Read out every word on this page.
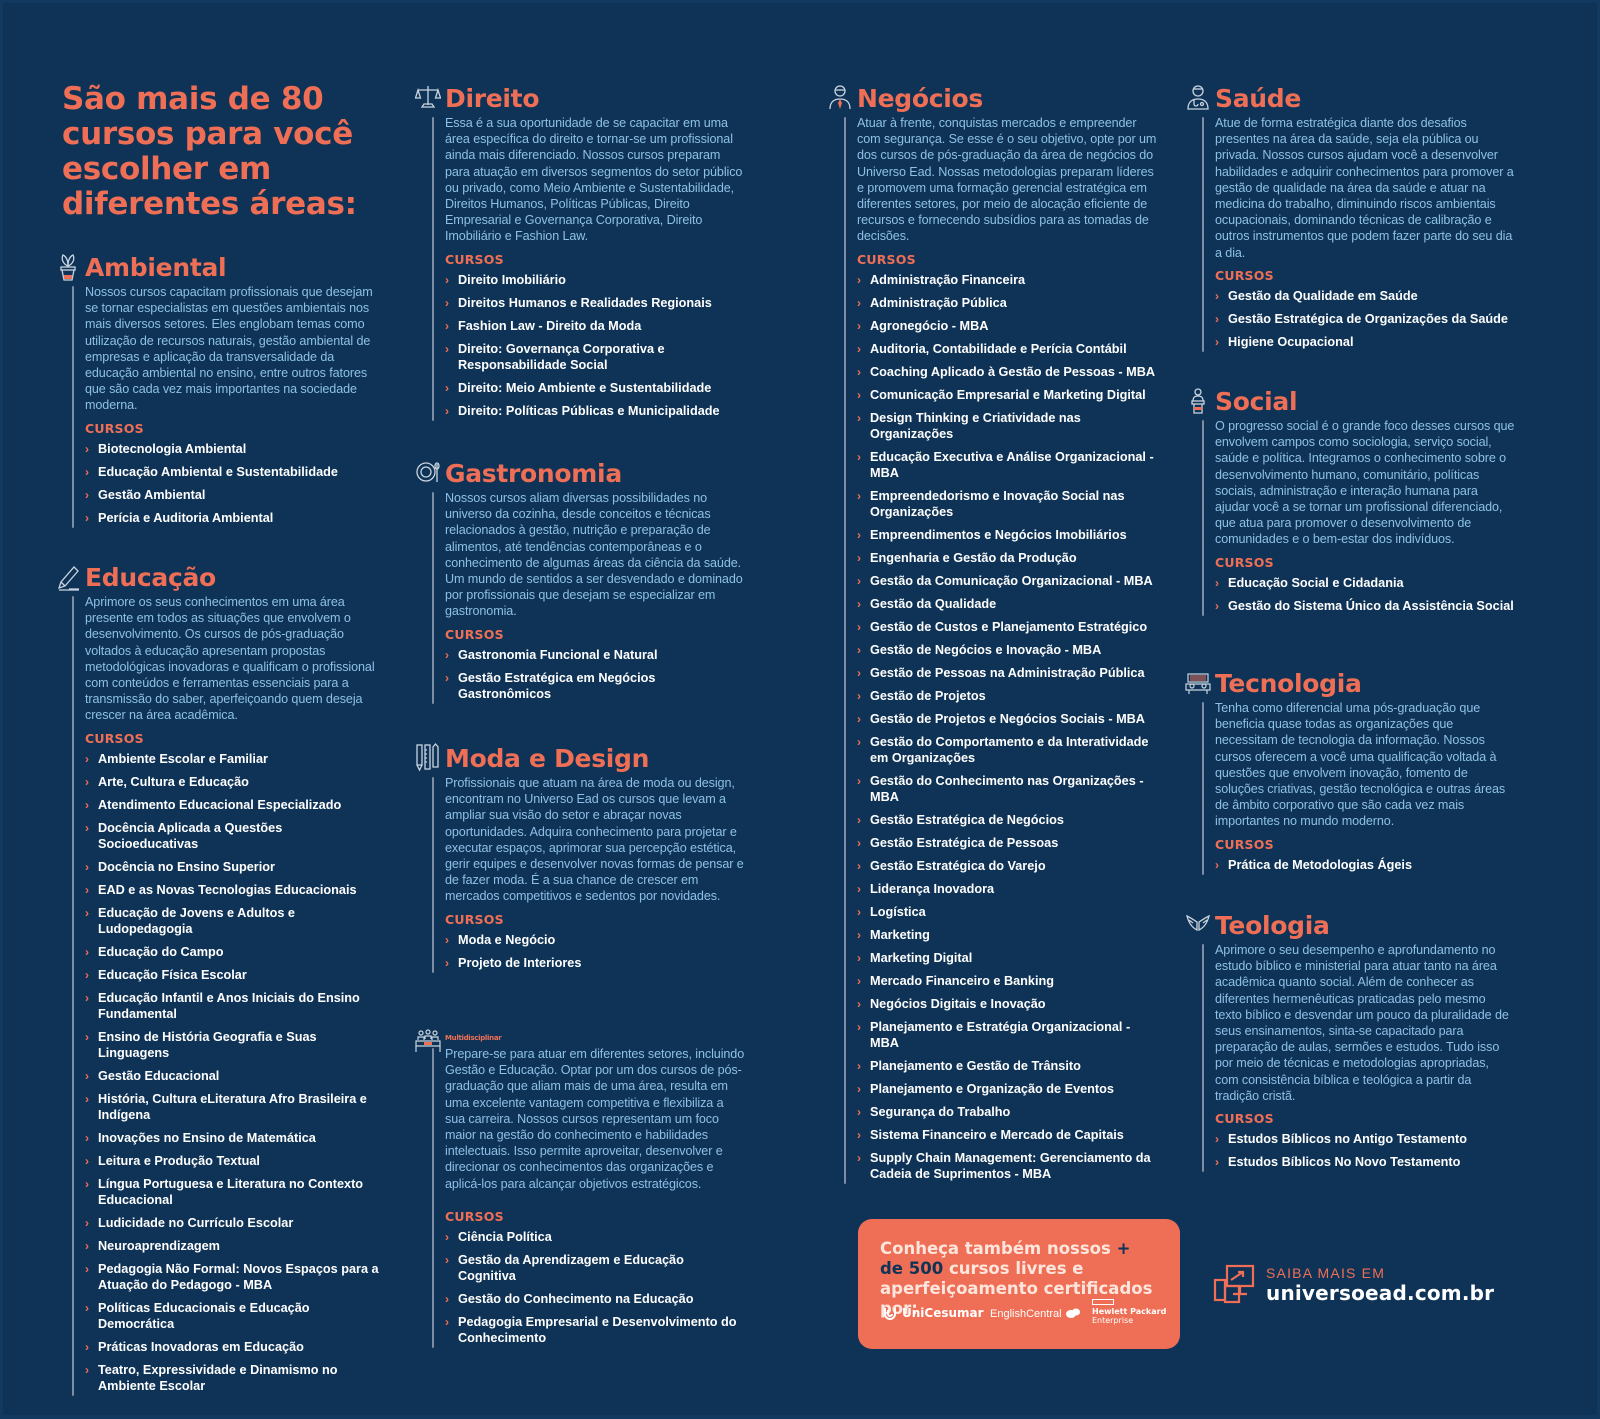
São mais de 80 cursos para você escolher em diferentes áreas:
Ambiental

Nossos cursos capacitam profissionais que desejam se tornar especialistas em questões ambientais nos mais diversos setores. Eles englobam temas como utilização de recursos naturais, gestão ambiental de empresas e aplicação da transversalidade da educação ambiental no ensino, entre outros fatores que são cada vez mais importantes na sociedade moderna.

CURSOS
› Biotecnologia Ambiental
› Educação Ambiental e Sustentabilidade
› Gestão Ambiental
› Perícia e Auditoria Ambiental
Educação

Aprimore os seus conhecimentos em uma área presente em todos as situações que envolvem o desenvolvimento. Os cursos de pós-graduação voltados à educação apresentam propostas metodológicas inovadoras e qualificam o profissional com conteúdos e ferramentas essenciais para a transmissão do saber, aperfeiçoando quem deseja crescer na área acadêmica.

CURSOS
› Ambiente Escolar e Familiar
› Arte, Cultura e Educação
› Atendimento Educacional Especializado
› Docência Aplicada a Questões Socioeducativas
› Docência no Ensino Superior
› EAD e as Novas Tecnologias Educacionais
› Educação de Jovens e Adultos e Ludopedagogia
› Educação do Campo
› Educação Física Escolar
› Educação Infantil e Anos Iniciais do Ensino Fundamental
› Ensino de História Geografia e Suas Linguagens
› Gestão Educacional
› História, Cultura eLiteratura Afro Brasileira e Indígena
› Inovações no Ensino de Matemática
› Leitura e Produção Textual
› Língua Portuguesa e Literatura no Contexto Educacional
› Ludicidade no Currículo Escolar
› Neuroaprendizagem
› Pedagogia Não Formal: Novos Espaços para a Atuação do Pedagogo - MBA
› Políticas Educacionais e Educação Democrática
› Práticas Inovadoras em Educação
› Teatro, Expressividade e Dinamismo no Ambiente Escolar
Direito

Essa é a sua oportunidade de se capacitar em uma área específica do direito e tornar-se um profissional ainda mais diferenciado. Nossos cursos preparam para atuação em diversos segmentos do setor público ou privado, como Meio Ambiente e Sustentabilidade, Direitos Humanos, Políticas Públicas, Direito Empresarial e Governança Corporativa, Direito Imobiliário e Fashion Law.

CURSOS
› Direito Imobiliário
› Direitos Humanos e Realidades Regionais
› Fashion Law - Direito da Moda
› Direito: Governança Corporativa e Responsabilidade Social
› Direito: Meio Ambiente e Sustentabilidade
› Direito: Políticas Públicas e Municipalidade
Gastronomia

Nossos cursos aliam diversas possibilidades no universo da cozinha, desde conceitos e técnicas relacionados à gestão, nutrição e preparação de alimentos, até tendências contemporâneas e o conhecimento de algumas áreas da ciência da saúde. Um mundo de sentidos a ser desvendado e dominado por profissionais que desejam se especializar em gastronomia.

CURSOS
› Gastronomia Funcional e Natural
› Gestão Estratégica em Negócios Gastronômicos
Moda e Design

Profissionais que atuam na área de moda ou design, encontram no Universo Ead os cursos que levam a ampliar sua visão do setor e abraçar novas oportunidades. Adquira conhecimento para projetar e executar espaços, aprimorar sua percepção estética, gerir equipes e desenvolver novas formas de pensar e de fazer moda. É a sua chance de crescer em mercados competitivos e sedentos por novidades.

CURSOS
› Moda e Negócio
› Projeto de Interiores
Multidisciplinar

Prepare-se para atuar em diferentes setores, incluindo Gestão e Educação. Optar por um dos cursos de pós-graduação que aliam mais de uma área, resulta em uma excelente vantagem competitiva e flexibiliza a sua carreira. Nossos cursos representam um foco maior na gestão do conhecimento e habilidades intelectuais. Isso permite aproveitar, desenvolver e direcionar os conhecimentos das organizações e aplicá-los para alcançar objetivos estratégicos.

CURSOS
› Ciência Política
› Gestão da Aprendizagem e Educação Cognitiva
› Gestão do Conhecimento na Educação
› Pedagogia Empresarial e Desenvolvimento do Conhecimento
Negócios

Atuar à frente, conquistas mercados e empreender com segurança. Se esse é o seu objetivo, opte por um dos cursos de pós-graduação da área de negócios do Universo Ead. Nossas metodologias preparam líderes e promovem uma formação gerencial estratégica em diferentes setores, por meio de alocação eficiente de recursos e fornecendo subsídios para as tomadas de decisões.

CURSOS
› Administração Financeira
› Administração Pública
› Agronegócio - MBA
› Auditoria, Contabilidade e Perícia Contábil
› Coaching Aplicado à Gestão de Pessoas - MBA
› Comunicação Empresarial e Marketing Digital
› Design Thinking e Criatividade nas Organizações
› Educação Executiva e Análise Organizacional - MBA
› Empreendedorismo e Inovação Social nas Organizações
› Empreendimentos e Negócios Imobiliários
› Engenharia e Gestão da Produção
› Gestão da Comunicação Organizacional - MBA
› Gestão da Qualidade
› Gestão de Custos e Planejamento Estratégico
› Gestão de Negócios e Inovação - MBA
› Gestão de Pessoas na Administração Pública
› Gestão de Projetos
› Gestão de Projetos e Negócios Sociais - MBA
› Gestão do Comportamento e da Interatividade em Organizações
› Gestão do Conhecimento nas Organizações - MBA
› Gestão Estratégica de Negócios
› Gestão Estratégica de Pessoas
› Gestão Estratégica do Varejo
› Liderança Inovadora
› Logística
› Marketing
› Marketing Digital
› Mercado Financeiro e Banking
› Negócios Digitais e Inovação
› Planejamento e Estratégia Organizacional - MBA
› Planejamento e Gestão de Trânsito
› Planejamento e Organização de Eventos
› Segurança do Trabalho
› Sistema Financeiro e Mercado de Capitais
› Supply Chain Management: Gerenciamento da Cadeia de Suprimentos - MBA

Conheça também nossos + de 500 cursos livres e aperfeiçoamento certificados por:

UniCesumar EnglishCentral	Hewlett Packard
Enterprise
Saúde

Atue de forma estratégica diante dos desafios presentes na área da saúde, seja ela pública ou privada. Nossos cursos ajudam você a desenvolver habilidades e adquirir conhecimentos para promover a gestão de qualidade na área da saúde e atuar na medicina do trabalho, diminuindo riscos ambientais ocupacionais, dominando técnicas de calibração e outros instrumentos que podem fazer parte do seu dia a dia.

CURSOS
› Gestão da Qualidade em Saúde
› Gestão Estratégica de Organizações da Saúde
› Higiene Ocupacional
Social

O progresso social é o grande foco desses cursos que envolvem campos como sociologia, serviço social, saúde e política. Integramos o conhecimento sobre o desenvolvimento humano, comunitário, políticas sociais, administração e interação humana para ajudar você a se tornar um profissional diferenciado, que atua para promover o desenvolvimento de comunidades e o bem-estar dos indivíduos.

CURSOS
› Educação Social e Cidadania
› Gestão do Sistema Único da Assistência Social
Tecnologia

Tenha como diferencial uma pós-graduação que beneficia quase todas as organizações que necessitam de tecnologia da informação. Nossos cursos oferecem a você uma qualificação voltada à questões que envolvem inovação, fomento de soluções criativas, gestão tecnológica e outras áreas de âmbito corporativo que são cada vez mais importantes no mundo moderno.

CURSOS
› Prática de Metodologias Ágeis
Teologia

Aprimore o seu desempenho e aprofundamento no estudo bíblico e ministerial para atuar tanto na área acadêmica quanto social. Além de conhecer as diferentes hermenêuticas praticadas pelo mesmo texto bíblico e desvendar um pouco da pluralidade de seus ensinamentos, sinta-se capacitado para preparação de aulas, sermões e estudos. Tudo isso por meio de técnicas e metodologias apropriadas, com consistência bíblica e teológica a partir da tradição cristã.

CURSOS
› Estudos Bíblicos no Antigo Testamento
› Estudos Bíblicos No Novo Testamento
SAIBA MAIS EM
universoead.com.br
